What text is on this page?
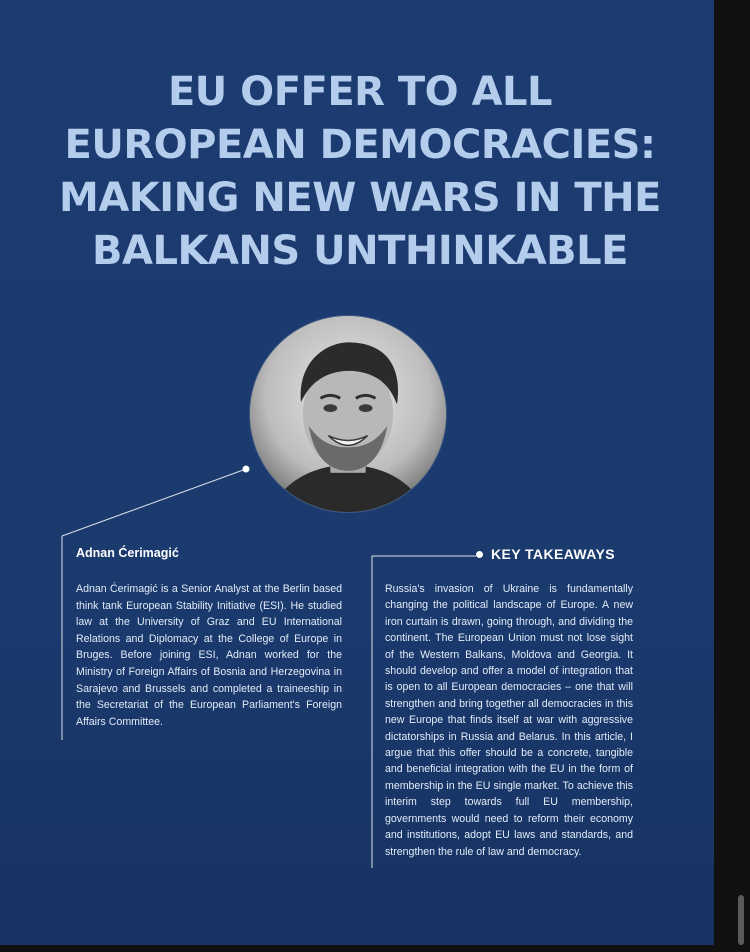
EU OFFER TO ALL
EUROPEAN DEMOCRACIES:
MAKING NEW WARS IN THE
BALKANS UNTHINKABLE
Adnan Ćerimagić
Adnan Ćerimagić is a Senior Analyst at the Berlin based think tank European Stability Initiative (ESI). He studied law at the University of Graz and EU International Relations and Diplomacy at the College of Europe in Bruges. Before joining ESI, Adnan worked for the Ministry of Foreign Affairs of Bosnia and Herzegovina in Sarajevo and Brussels and completed a traineeship in the Secretariat of the European Parliament's Foreign Affairs Committee.
KEY TAKEAWAYS
Russia's invasion of Ukraine is fundamentally changing the political landscape of Europe. A new iron curtain is drawn, going through, and dividing the continent. The European Union must not lose sight of the Western Balkans, Moldova and Georgia. It should develop and offer a model of integration that is open to all European democracies – one that will strengthen and bring together all democracies in this new Europe that finds itself at war with aggressive dictatorships in Russia and Belarus. In this article, I argue that this offer should be a concrete, tangible and beneficial integration with the EU in the form of membership in the EU single market. To achieve this interim step towards full EU membership, governments would need to reform their economy and institutions, adopt EU laws and standards, and strengthen the rule of law and democracy.
